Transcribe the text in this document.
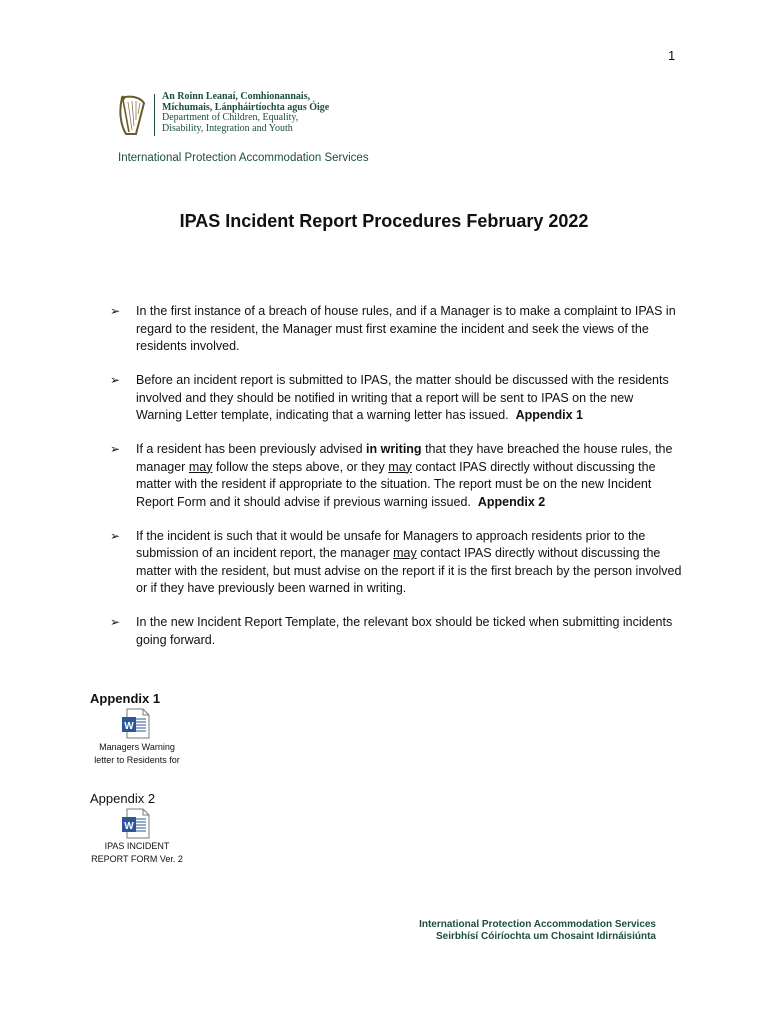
1
An Roinn Leanaí, Comhionannais,
Míchumais, Lánpháirtíochta agus Óige
Department of Children, Equality,
Disability, Integration and Youth
International Protection Accommodation Services
IPAS Incident Report Procedures February 2022
➢ In the first instance of a breach of house rules, and if a Manager is to make a complaint to IPAS in regard to the resident, the Manager must first examine the incident and seek the views of the residents involved.
➢ Before an incident report is submitted to IPAS, the matter should be discussed with the residents involved and they should be notified in writing that a report will be sent to IPAS on the new Warning Letter template, indicating that a warning letter has issued. Appendix 1
➢ If a resident has been previously advised in writing that they have breached the house rules, the manager may follow the steps above, or they may contact IPAS directly without discussing the matter with the resident if appropriate to the situation. The report must be on the new Incident Report Form and it should advise if previous warning issued. Appendix 2
➢ If the incident is such that it would be unsafe for Managers to approach residents prior to the submission of an incident report, the manager may contact IPAS directly without discussing the matter with the resident, but must advise on the report if it is the first breach by the person involved or if they have previously been warned in writing.
➢ In the new Incident Report Template, the relevant box should be ticked when submitting incidents going forward.
Appendix 1
W
Managers Warning
letter to Residents for
Appendix 2
W
IPAS INCIDENT
REPORT FORM Ver. 2
International Protection Accommodation Services
Seirbhísí Cóiríochta um Chosaint Idirnáisiúnta
